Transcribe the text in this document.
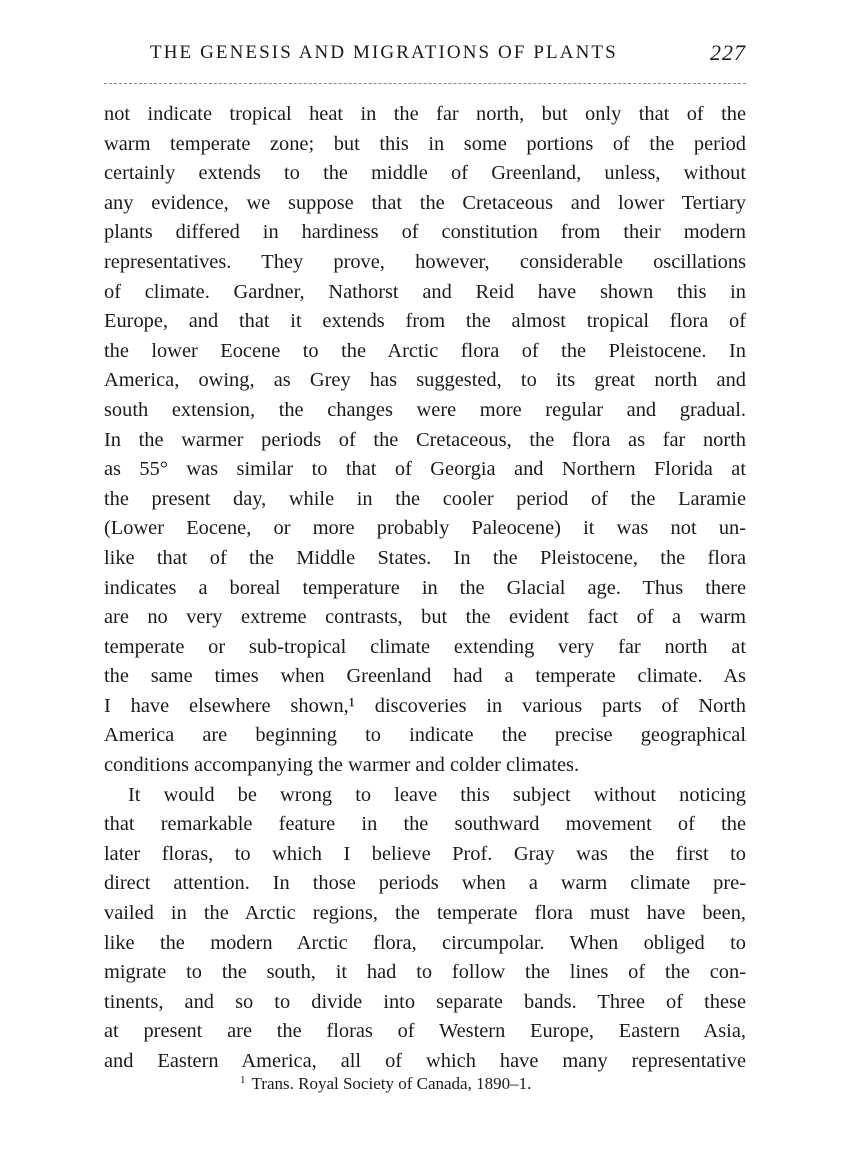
THE GENESIS AND MIGRATIONS OF PLANTS	227
not indicate tropical heat in the far north, but only that of the
warm temperate zone; but this in some portions of the period
certainly extends to the middle of Greenland, unless, without
any evidence, we suppose that the Cretaceous and lower Tertiary
plants differed in hardiness of constitution from their modern
representatives. They prove, however, considerable oscillations
of climate. Gardner, Nathorst and Reid have shown this in
Europe, and that it extends from the almost tropical flora of
the lower Eocene to the Arctic flora of the Pleistocene. In
America, owing, as Grey has suggested, to its great north and
south extension, the changes were more regular and gradual.
In the warmer periods of the Cretaceous, the flora as far north
as 55° was similar to that of Georgia and Northern Florida at
the present day, while in the cooler period of the Laramie
(Lower Eocene, or more probably Paleocene) it was not un-
like that of the Middle States. In the Pleistocene, the flora
indicates a boreal temperature in the Glacial age. Thus there
are no very extreme contrasts, but the evident fact of a warm
temperate or sub-tropical climate extending very far north at
the same times when Greenland had a temperate climate. As
I have elsewhere shown,¹ discoveries in various parts of North
America are beginning to indicate the precise geographical
conditions accompanying the warmer and colder climates.
It would be wrong to leave this subject without noticing
that remarkable feature in the southward movement of the
later floras, to which I believe Prof. Gray was the first to
direct attention. In those periods when a warm climate pre-
vailed in the Arctic regions, the temperate flora must have been,
like the modern Arctic flora, circumpolar. When obliged to
migrate to the south, it had to follow the lines of the con-
tinents, and so to divide into separate bands. Three of these
at present are the floras of Western Europe, Eastern Asia,
and Eastern America, all of which have many representative
$^1$ Trans. Royal Society of Canada, 1890–1.
